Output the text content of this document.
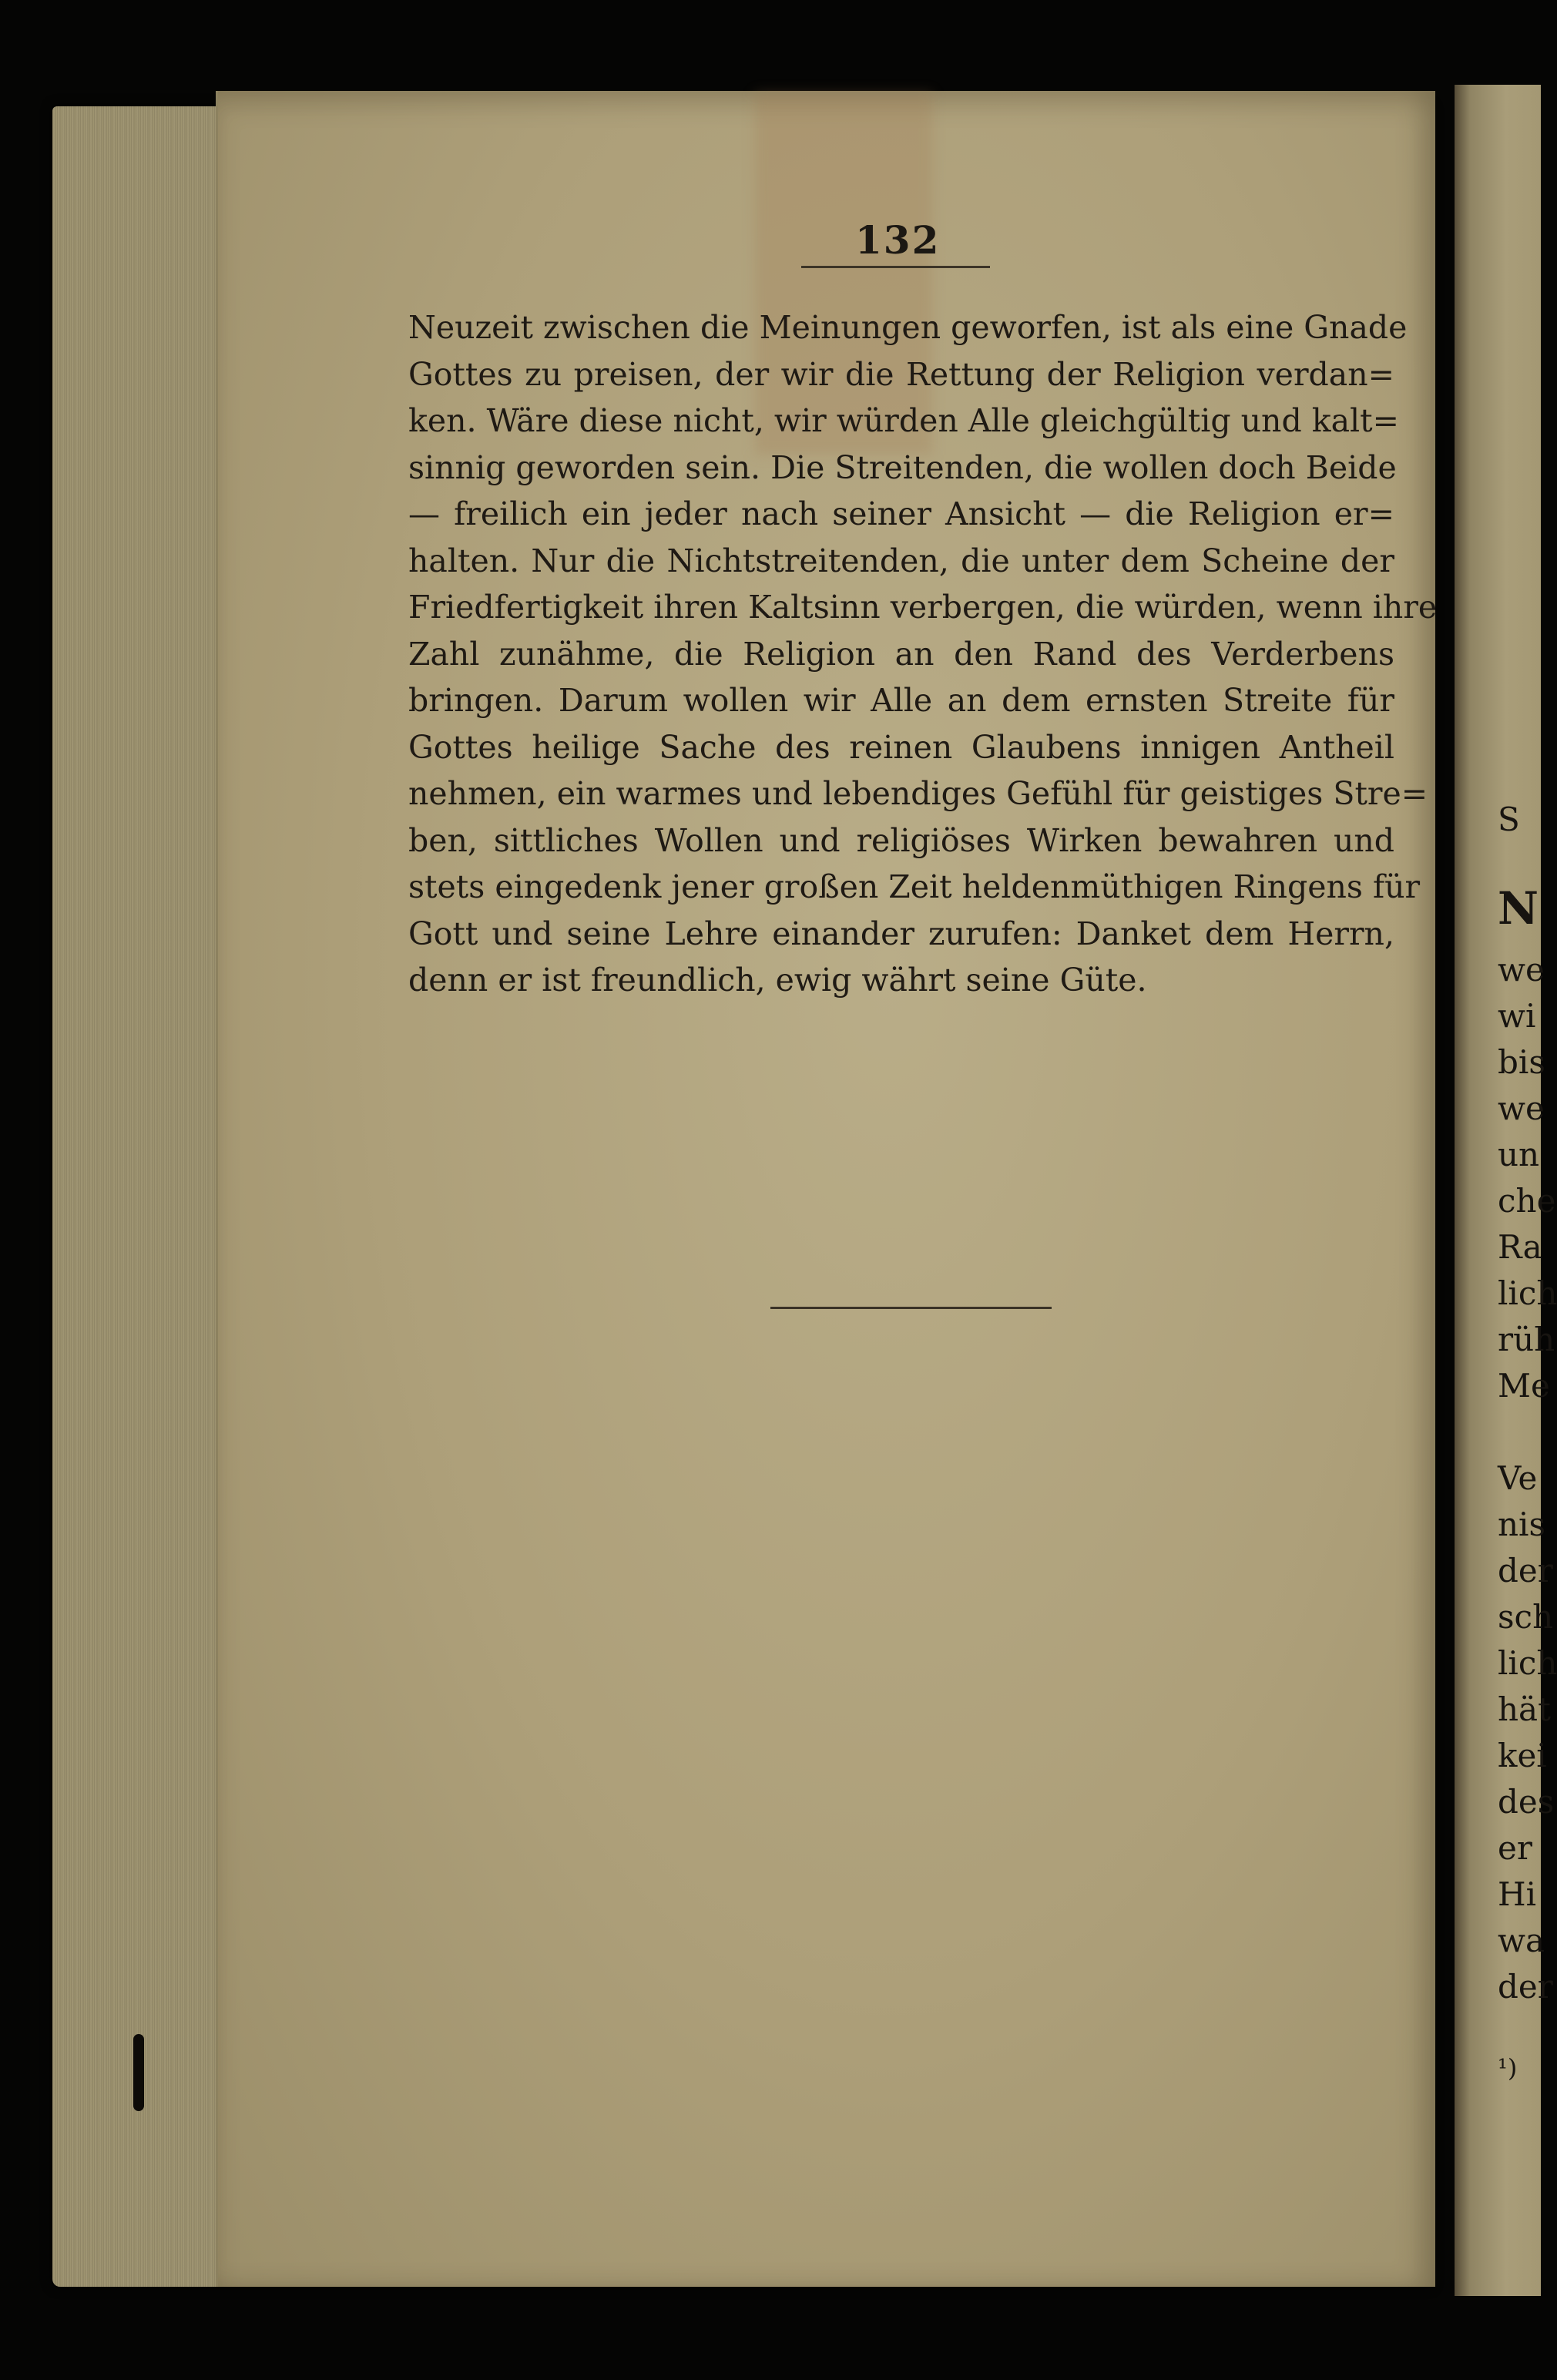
S
N
we
wi
bis
we
un
che
Ra
lich
rüh
Me
Ve
nis
der
sch
lich
hät
kei
des
er
Hi
wa
der
¹)
132
Neuzeit zwischen die Meinungen geworfen, ist als eine Gnade
Gottes zu preisen, der wir die Rettung der Religion verdan=
ken. Wäre diese nicht, wir würden Alle gleichgültig und kalt=
sinnig geworden sein. Die Streitenden, die wollen doch Beide
— freilich ein jeder nach seiner Ansicht — die Religion er=
halten. Nur die Nichtstreitenden, die unter dem Scheine der
Friedfertigkeit ihren Kaltsinn verbergen, die würden, wenn ihre
Zahl zunähme, die Religion an den Rand des Verderbens
bringen. Darum wollen wir Alle an dem ernsten Streite für
Gottes heilige Sache des reinen Glaubens innigen Antheil
nehmen, ein warmes und lebendiges Gefühl für geistiges Stre=
ben, sittliches Wollen und religiöses Wirken bewahren und
stets eingedenk jener großen Zeit heldenmüthigen Ringens für
Gott und seine Lehre einander zurufen: Danket dem Herrn,
denn er ist freundlich, ewig währt seine Güte.
